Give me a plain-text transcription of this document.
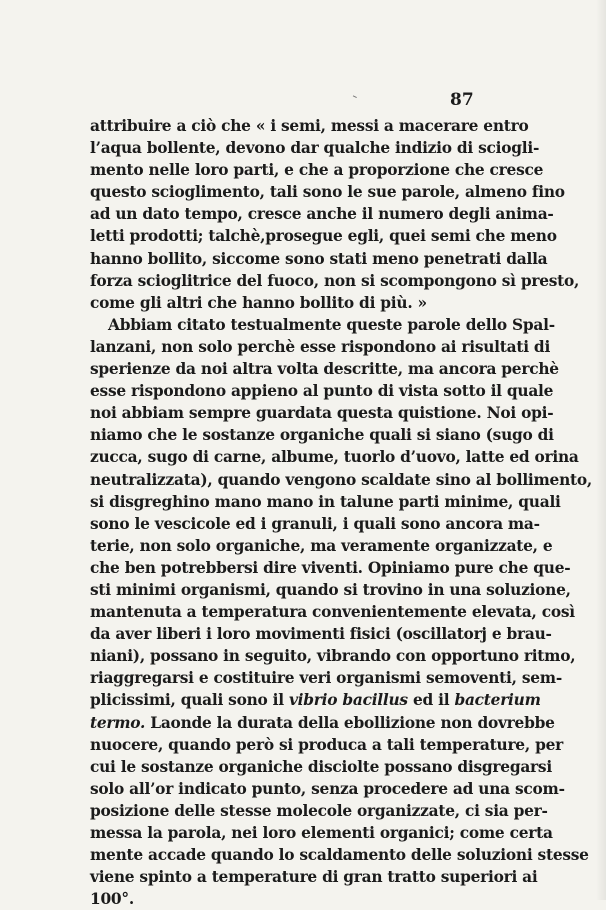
87
attribuire a ciò che « i semi, messi a macerare entro
l’aqua bollente, devono dar qualche indizio di sciogli-
mento nelle loro parti, e che a proporzione che cresce
questo scioglimento, tali sono le sue parole, almeno fino
ad un dato tempo, cresce anche il numero degli anima-
letti prodotti; talchè,prosegue egli, quei semi che meno
hanno bollito, siccome sono stati meno penetrati dalla
forza scioglitrice del fuoco, non si scompongono sì presto,
come gli altri che hanno bollito di più. »
Abbiam citato testualmente queste parole dello Spal-
lanzani, non solo perchè esse rispondono ai risultati di
sperienze da noi altra volta descritte, ma ancora perchè
esse rispondono appieno al punto di vista sotto il quale
noi abbiam sempre guardata questa quistione. Noi opi-
niamo che le sostanze organiche quali si siano (sugo di
zucca, sugo di carne, albume, tuorlo d’uovo, latte ed orina
neutralizzata), quando vengono scaldate sino al bollimento,
si disgreghino mano mano in talune parti minime, quali
sono le vescicole ed i granuli, i quali sono ancora ma-
terie, non solo organiche, ma veramente organizzate, e
che ben potrebbersi dire viventi. Opiniamo pure che que-
sti minimi organismi, quando si trovino in una soluzione,
mantenuta a temperatura convenientemente elevata, così
da aver liberi i loro movimenti fisici (oscillatorj e brau-
niani), possano in seguito, vibrando con opportuno ritmo,
riaggregarsi e costituire veri organismi semoventi, sem-
plicissimi, quali sono il vibrio bacillus ed il bacterium
termo. Laonde la durata della ebollizione non dovrebbe
nuocere, quando però si produca a tali temperature, per
cui le sostanze organiche disciolte possano disgregarsi
solo all’or indicato punto, senza procedere ad una scom-
posizione delle stesse molecole organizzate, ci sia per-
messa la parola, nei loro elementi organici; come certa
mente accade quando lo scaldamento delle soluzioni stesse
viene spinto a temperature di gran tratto superiori ai
100°.
